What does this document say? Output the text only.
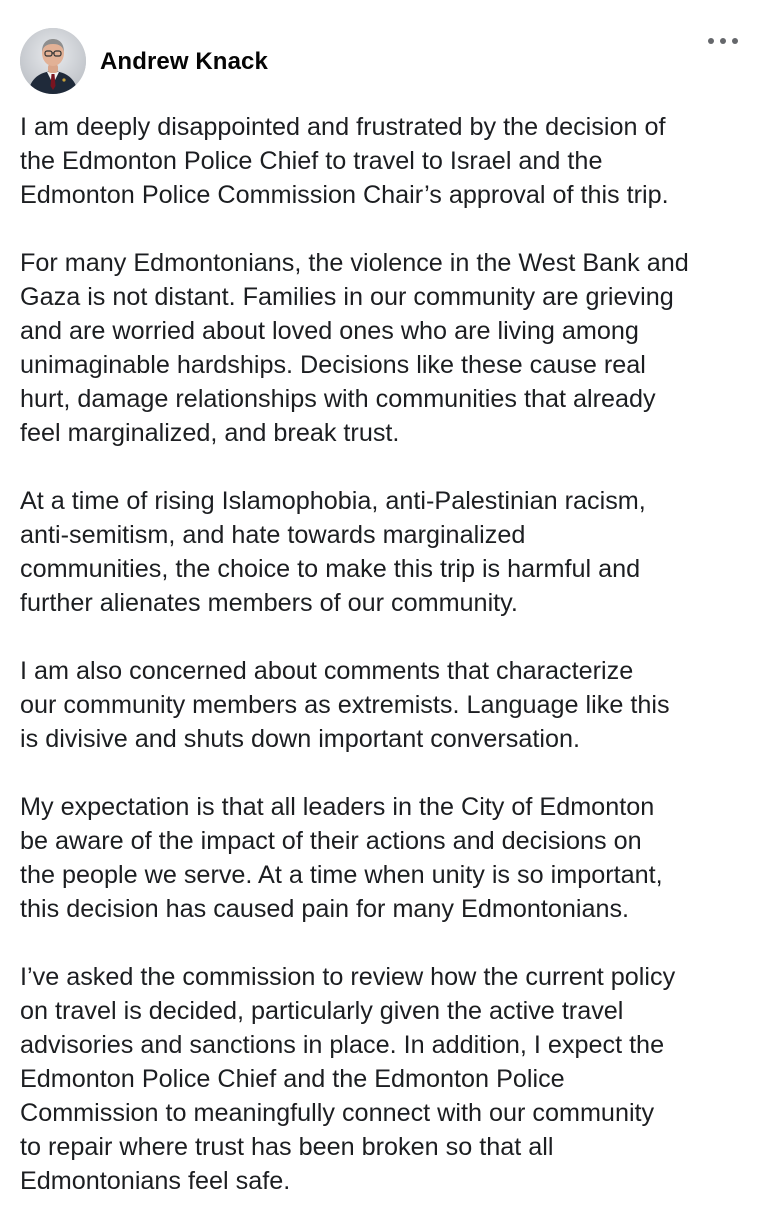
Andrew Knack

I am deeply disappointed and frustrated by the decision of
the Edmonton Police Chief to travel to Israel and the
Edmonton Police Commission Chair’s approval of this trip.

For many Edmontonians, the violence in the West Bank and
Gaza is not distant. Families in our community are grieving
and are worried about loved ones who are living among
unimaginable hardships. Decisions like these cause real
hurt, damage relationships with communities that already
feel marginalized, and break trust.

At a time of rising Islamophobia, anti-Palestinian racism,
anti-semitism, and hate towards marginalized
communities, the choice to make this trip is harmful and
further alienates members of our community.

I am also concerned about comments that characterize
our community members as extremists. Language like this
is divisive and shuts down important conversation.

My expectation is that all leaders in the City of Edmonton
be aware of the impact of their actions and decisions on
the people we serve. At a time when unity is so important,
this decision has caused pain for many Edmontonians.

I’ve asked the commission to review how the current policy
on travel is decided, particularly given the active travel
advisories and sanctions in place. In addition, I expect the
Edmonton Police Chief and the Edmonton Police
Commission to meaningfully connect with our community
to repair where trust has been broken so that all
Edmontonians feel safe.
